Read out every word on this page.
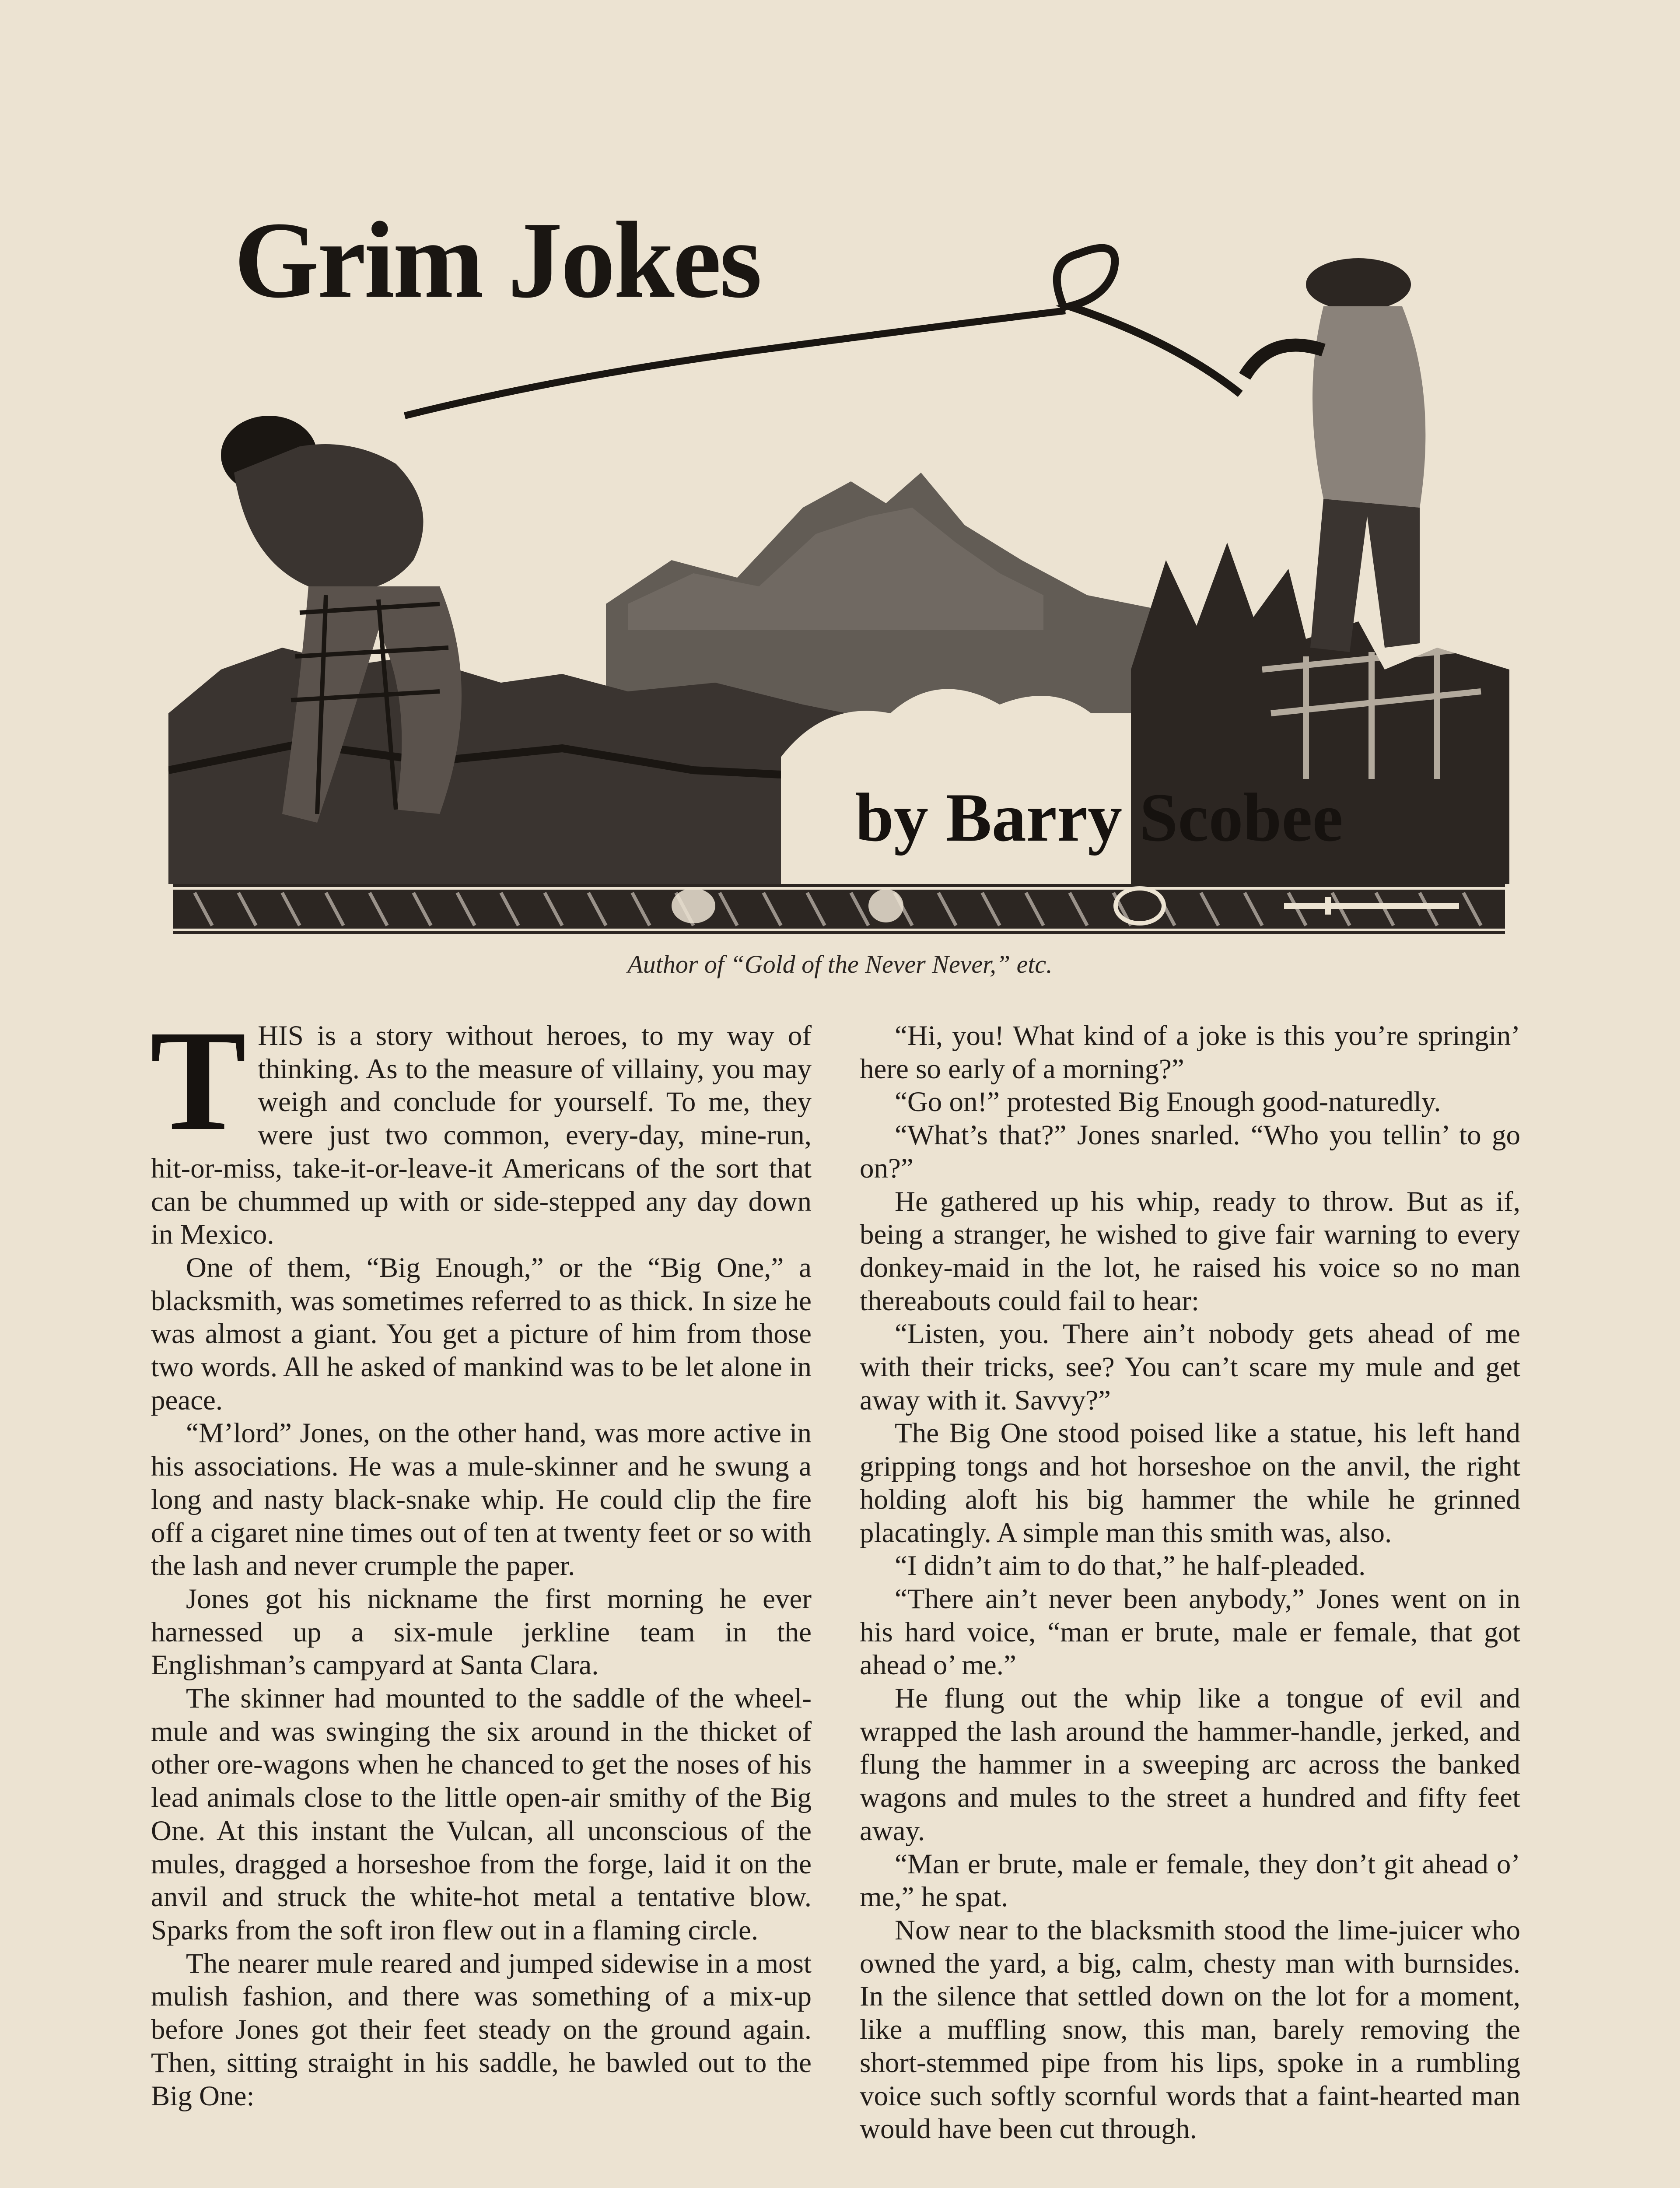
Grim Jokes
by Barry Scobee
Author of “Gold of the Never Never,” etc.

THIS is a story without heroes, to my way of thinking. As to the measure of villainy, you may weigh and conclude for yourself. To me, they were just two common, every-day, mine-run, hit-or-miss, take-it-or-leave-it Americans of the sort that can be chummed up with or side-stepped any day down in Mexico.

One of them, “Big Enough,” or the “Big One,” a blacksmith, was sometimes referred to as thick. In size he was almost a giant. You get a picture of him from those two words. All he asked of mankind was to be let alone in peace.

“M’lord” Jones, on the other hand, was more active in his associations. He was a mule-skinner and he swung a long and nasty black-snake whip. He could clip the fire off a cigaret nine times out of ten at twenty feet or so with the lash and never crumple the paper.

Jones got his nickname the first morning he ever harnessed up a six-mule jerkline team in the Englishman’s campyard at Santa Clara.

The skinner had mounted to the saddle of the wheel-mule and was swinging the six around in the thicket of other ore-wagons when he chanced to get the noses of his lead animals close to the little open-air smithy of the Big One. At this instant the Vulcan, all unconscious of the mules, dragged a horseshoe from the forge, laid it on the anvil and struck the white-hot metal a tentative blow. Sparks from the soft iron flew out in a flaming circle.

The nearer mule reared and jumped sidewise in a most mulish fashion, and there was something of a mix-up before Jones got their feet steady on the ground again. Then, sitting straight in his saddle, he bawled out to the Big One:

“Hi, you! What kind of a joke is this you’re springin’ here so early of a morning?”

“Go on!” protested Big Enough good-naturedly.

“What’s that?” Jones snarled. “Who you tellin’ to go on?”

He gathered up his whip, ready to throw. But as if, being a stranger, he wished to give fair warning to every donkey-maid in the lot, he raised his voice so no man thereabouts could fail to hear:

“Listen, you. There ain’t nobody gets ahead of me with their tricks, see? You can’t scare my mule and get away with it. Savvy?”

The Big One stood poised like a statue, his left hand gripping tongs and hot horseshoe on the anvil, the right holding aloft his big hammer the while he grinned placatingly. A simple man this smith was, also.

“I didn’t aim to do that,” he half-pleaded.

“There ain’t never been anybody,” Jones went on in his hard voice, “man er brute, male er female, that got ahead o’ me.”

He flung out the whip like a tongue of evil and wrapped the lash around the hammer-handle, jerked, and flung the hammer in a sweeping arc across the banked wagons and mules to the street a hundred and fifty feet away.

“Man er brute, male er female, they don’t git ahead o’ me,” he spat.

Now near to the blacksmith stood the lime-juicer who owned the yard, a big, calm, chesty man with burnsides. In the silence that settled down on the lot for a moment, like a muffling snow, this man, barely removing the short-stemmed pipe from his lips, spoke in a rumbling voice such softly scornful words that a faint-hearted man would have been cut through.
